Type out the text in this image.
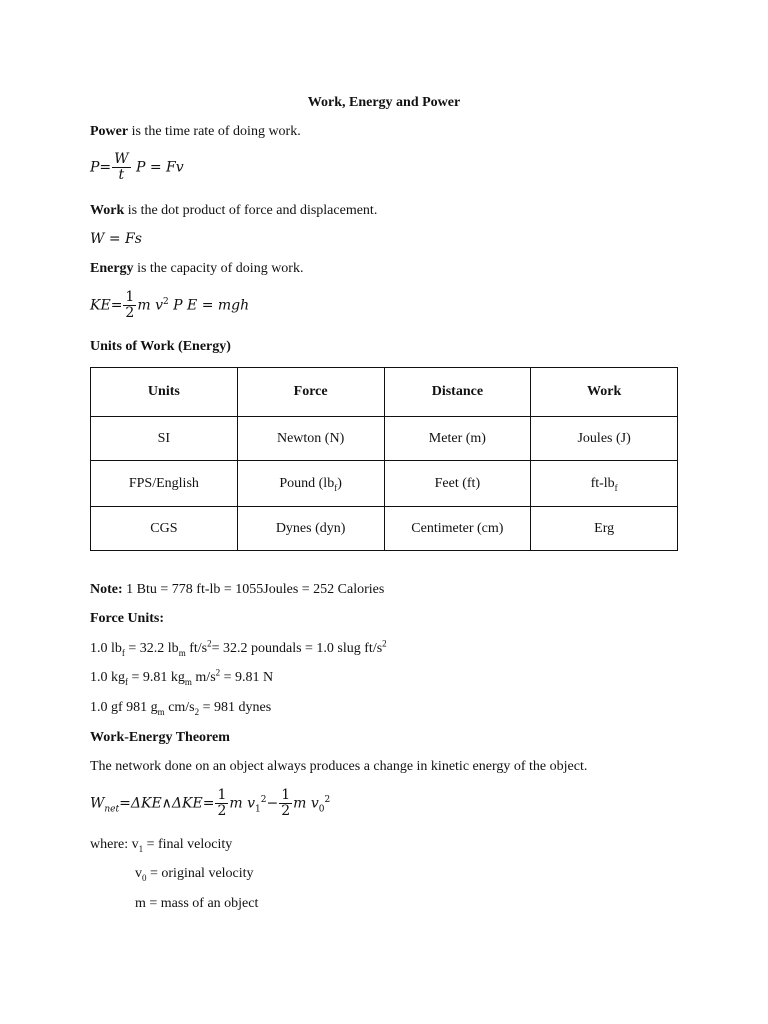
Work, Energy and Power
Power is the time rate of doing work.
$P= \frac{W}{t}$ P = Fv
Work is the dot product of force and displacement.
W = Fs
Energy is the capacity of doing work.
$KE= \frac{1}{2}$ m $v^2$ P E = mgh
Units of Work (Energy)
Units	Force	Distance	Work
SI	Newton (N)	Meter (m)	Joules (J)
FPS/English	Pound $(lb_f)$	Feet (ft)	$ft-lb_f$
CGS	Dynes (dyn)	Centimeter (cm)	Erg
Note: 1 Btu = 778 ft-lb = 1055Joules = 252 Calories
Force Units:
1.0 $lb_f = 32.2$ $lb_m$ $ft/s^2= 32.2$ poundals = 1.0 slug $ft/s^2$
1.0 $kg_f = 9.81$ $kg_m$ $m/s^2 = 9.81$ N
1.0 gf 981 $g_m$ $cm/s_2 = 981$ dynes
Work-Energy Theorem
The network done on an object always produces a change in kinetic energy of the object.
$W_{net}=\Delta KE\wedge\Delta KE= \frac{1}{2}$ m $v_1^2- \frac{1}{2}$ m $v_0^2$
where: $v_1$ = final velocity
$v_0$ = original velocity
m = mass of an object
